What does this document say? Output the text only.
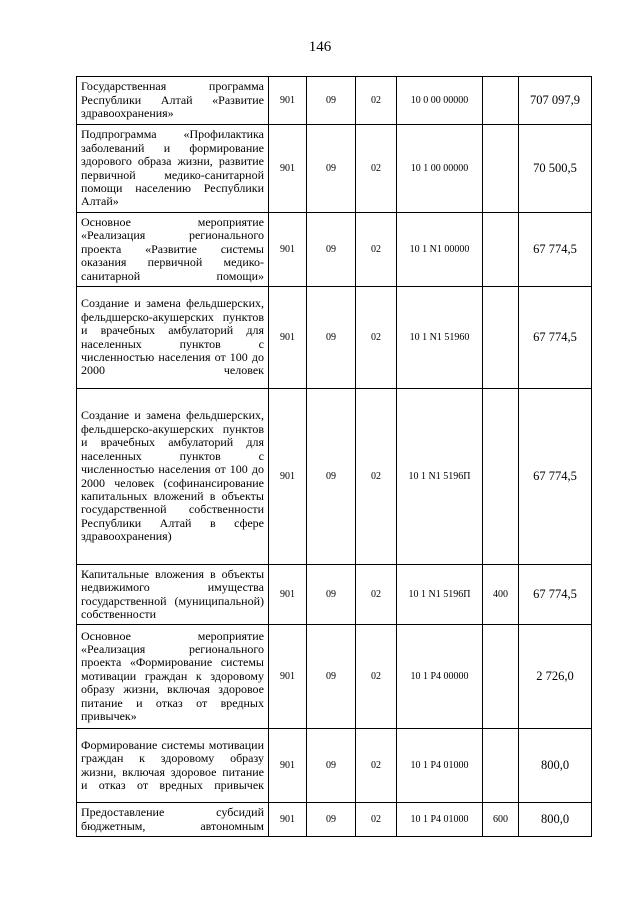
146
Государственная программа Республики Алтай «Развитие здравоохранения»	901	09	02	10 0 00 00000		707 097,9
Подпрограмма «Профилактика заболеваний и формирование здорового образа жизни, развитие первичной медико-санитарной помощи населению Республики Алтай»	901	09	02	10 1 00 00000		70 500,5
Основное мероприятие «Реализация регионального проекта «Развитие системы оказания первичной медико-санитарной помощи»	901	09	02	10 1 N1 00000		67 774,5
Создание и замена фельдшерских, фельдшерско-акушерских пунктов и врачебных амбулаторий для населенных пунктов с численностью населения от 100 до 2000 человек	901	09	02	10 1 N1 51960		67 774,5
Создание и замена фельдшерских, фельдшерско-акушерских пунктов и врачебных амбулаторий для населенных пунктов с численностью населения от 100 до 2000 человек (софинансирование капитальных вложений в объекты государственной собственности Республики Алтай в сфере здравоохранения)	901	09	02	10 1 N1 5196П		67 774,5
Капитальные вложения в объекты недвижимого имущества государственной (муниципальной) собственности	901	09	02	10 1 N1 5196П	400	67 774,5
Основное мероприятие «Реализация регионального проекта «Формирование системы мотивации граждан к здоровому образу жизни, включая здоровое питание и отказ от вредных привычек»	901	09	02	10 1 P4 00000		2 726,0
Формирование системы мотивации граждан к здоровому образу жизни, включая здоровое питание и отказ от вредных привычек	901	09	02	10 1 P4 01000		800,0
Предоставление субсидий бюджетным, автономным	901	09	02	10 1 P4 01000	600	800,0
